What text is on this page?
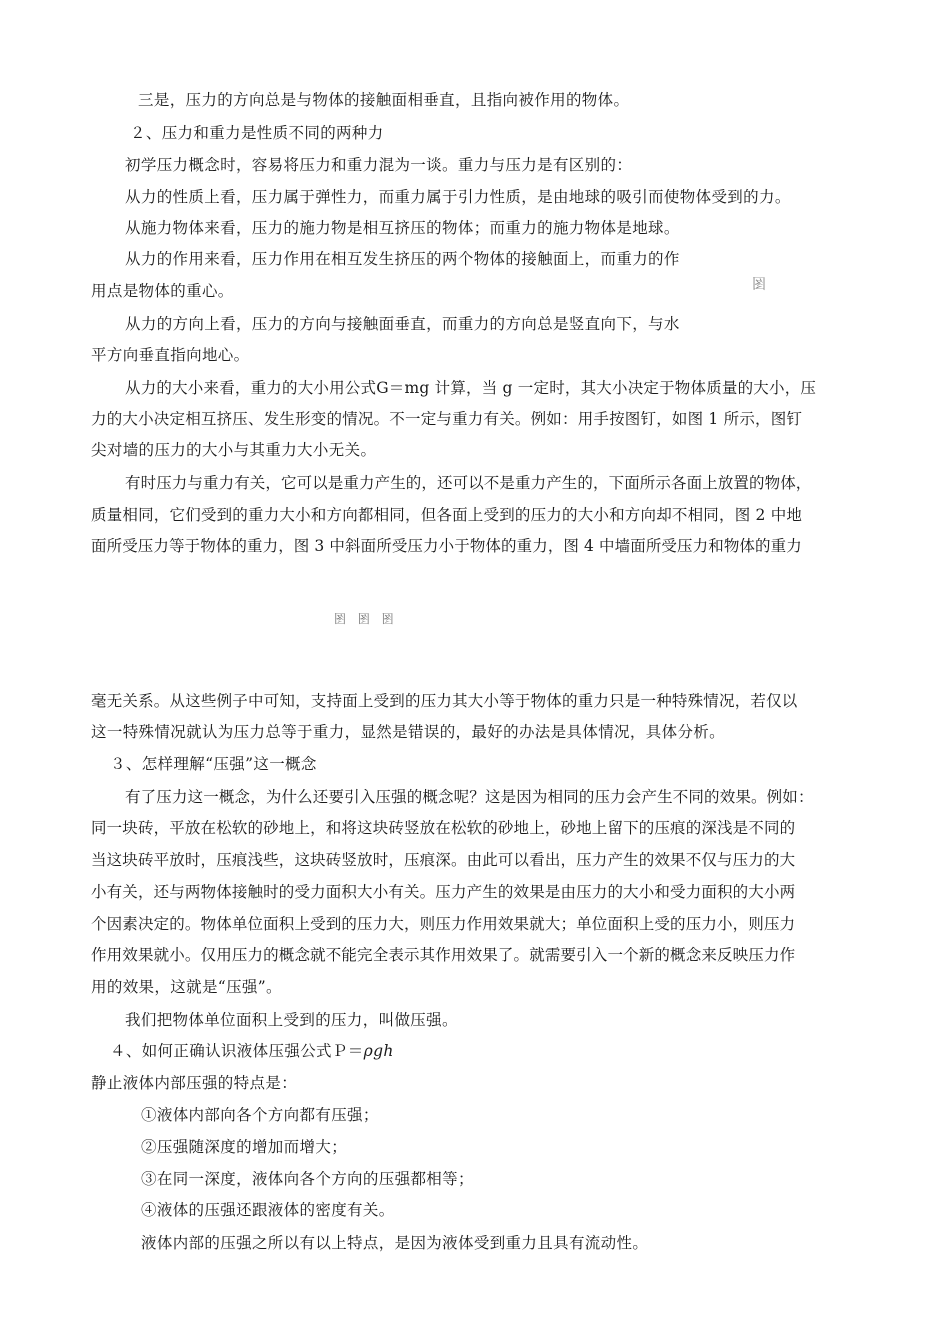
三是，压力的方向总是与物体的接触面相垂直，且指向被作用的物体。
２、压力和重力是性质不同的两种力
初学压力概念时，容易将压力和重力混为一谈。重力与压力是有区别的：
从力的性质上看，压力属于弹性力，而重力属于引力性质，是由地球的吸引而使物体受到的力。
从施力物体来看，压力的施力物是相互挤压的物体；而重力的施力物体是地球。
从力的作用来看，压力作用在相互发生挤压的两个物体的接触面上，而重力的作
用点是物体的重心。
从力的方向上看，压力的方向与接触面垂直，而重力的方向总是竖直向下，与水
平方向垂直指向地心。
从力的大小来看，重力的大小用公式G＝mg 计算，当 g 一定时，其大小决定于物体质量的大小，压
力的大小决定相互挤压、发生形变的情况。不一定与重力有关。例如：用手按图钉，如图 1 所示，图钉
尖对墙的压力的大小与其重力大小无关。
有时压力与重力有关，它可以是重力产生的，还可以不是重力产生的，下面所示各面上放置的物体，
质量相同，它们受到的重力大小和方向都相同，但各面上受到的压力的大小和方向却不相同，图 2 中地
面所受压力等于物体的重力，图 3 中斜面所受压力小于物体的重力，图 4 中墙面所受压力和物体的重力
图
图 图 图
毫无关系。从这些例子中可知，支持面上受到的压力其大小等于物体的重力只是一种特殊情况，若仅以
这一特殊情况就认为压力总等于重力，显然是错误的，最好的办法是具体情况，具体分析。
３、怎样理解“压强”这一概念
有了压力这一概念，为什么还要引入压强的概念呢？这是因为相同的压力会产生不同的效果。例如：
同一块砖，平放在松软的砂地上，和将这块砖竖放在松软的砂地上，砂地上留下的压痕的深浅是不同的
当这块砖平放时，压痕浅些，这块砖竖放时，压痕深。由此可以看出，压力产生的效果不仅与压力的大
小有关，还与两物体接触时的受力面积大小有关。压力产生的效果是由压力的大小和受力面积的大小两
个因素决定的。物体单位面积上受到的压力大，则压力作用效果就大；单位面积上受的压力小，则压力
作用效果就小。仅用压力的概念就不能完全表示其作用效果了。就需要引入一个新的概念来反映压力作
用的效果，这就是“压强”。
我们把物体单位面积上受到的压力，叫做压强。
４、如何正确认识液体压强公式Ｐ＝ρgh
静止液体内部压强的特点是：
①液体内部向各个方向都有压强；
②压强随深度的增加而增大；
③在同一深度，液体向各个方向的压强都相等；
④液体的压强还跟液体的密度有关。
液体内部的压强之所以有以上特点，是因为液体受到重力且具有流动性。
